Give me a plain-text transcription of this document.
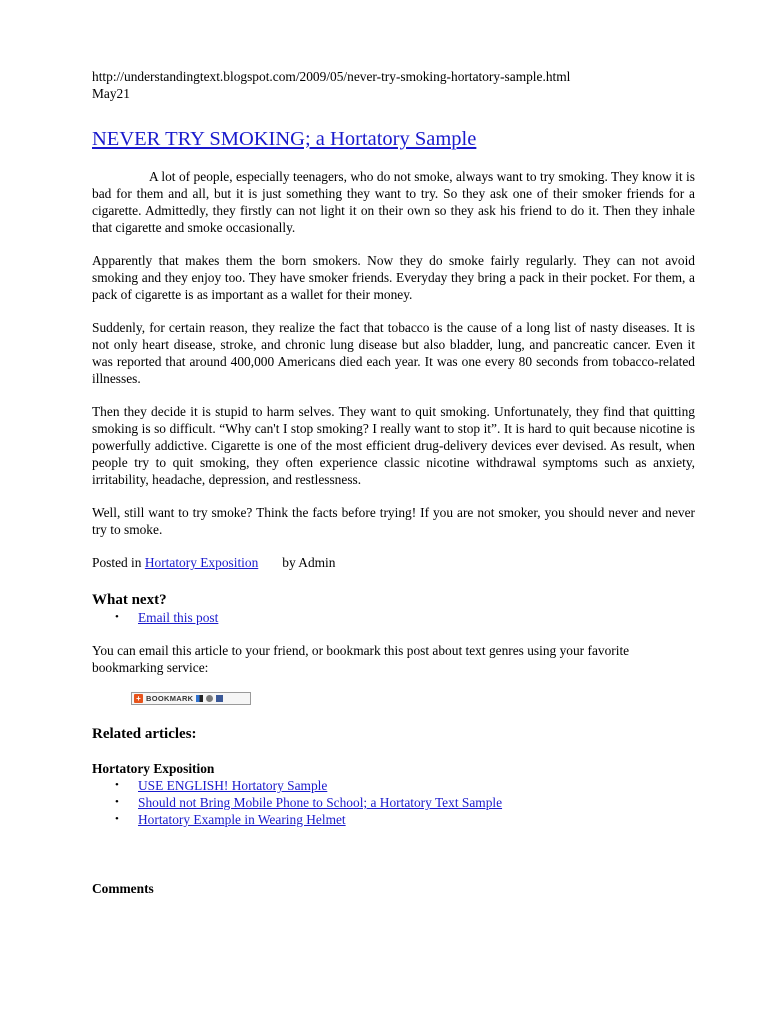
http://understandingtext.blogspot.com/2009/05/never-try-smoking-hortatory-sample.html

May21

NEVER TRY SMOKING; a Hortatory Sample

A lot of people, especially teenagers, who do not smoke, always want to try smoking. They know it is bad for them and all, but it is just something they want to try. So they ask one of their smoker friends for a cigarette. Admittedly, they firstly can not light it on their own so they ask his friend to do it. Then they inhale that cigarette and smoke occasionally.

Apparently that makes them the born smokers. Now they do smoke fairly regularly. They can not avoid smoking and they enjoy too. They have smoker friends. Everyday they bring a pack in their pocket. For them, a pack of cigarette is as important as a wallet for their money.

Suddenly, for certain reason, they realize the fact that tobacco is the cause of a long list of nasty diseases. It is not only heart disease, stroke, and chronic lung disease but also bladder, lung, and pancreatic cancer. Even it was reported that around 400,000 Americans died each year. It was one every 80 seconds from tobacco-related illnesses.

Then they decide it is stupid to harm selves. They want to quit smoking. Unfortunately, they find that quitting smoking is so difficult. “Why can't I stop smoking? I really want to stop it”. It is hard to quit because nicotine is powerfully addictive. Cigarette is one of the most efficient drug-delivery devices ever devised. As result, when people try to quit smoking, they often experience classic nicotine withdrawal symptoms such as anxiety, irritability, headache, depression, and restlessness.

Well, still want to try smoke? Think the facts before trying! If you are not smoker, you should never and never try to smoke.

Posted in Hortatory Exposition by Admin

What next?
• Email this post

You can email this article to your friend, or bookmark this post about text genres using your favorite bookmarking service:

+ BOOKMARK
Related articles:

Hortatory Exposition

• USE ENGLISH! Hortatory Sample
• Should not Bring Mobile Phone to School; a Hortatory Text Sample
• Hortatory Example in Wearing Helmet

Comments
